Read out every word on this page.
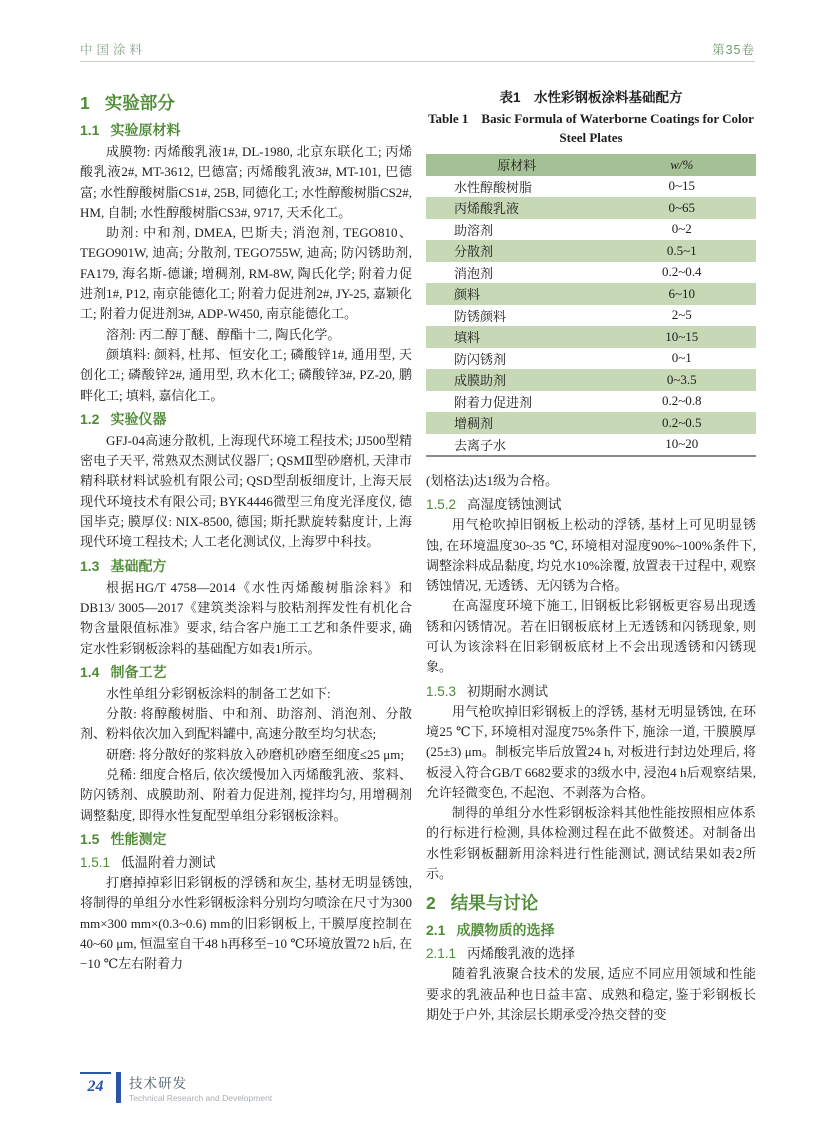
中国涂料	第35卷
1 实验部分
1.1 实验原材料

成膜物: 丙烯酸乳液1#, DL-1980, 北京东联化工; 丙烯酸乳液2#, MT-3612, 巴德富; 丙烯酸乳液3#, MT-101, 巴德富; 水性醇酸树脂CS1#, 25B, 同德化工; 水性醇酸树脂CS2#, HM, 自制; 水性醇酸树脂CS3#, 9717, 天禾化工。

助剂: 中和剂, DMEA, 巴斯夫; 消泡剂, TEGO810、TEGO901W, 迪高; 分散剂, TEGO755W, 迪高; 防闪锈助剂, FA179, 海名斯-德谦; 增稠剂, RM-8W, 陶氏化学; 附着力促进剂1#, P12, 南京能德化工; 附着力促进剂2#, JY-25, 嘉颖化工; 附着力促进剂3#, ADP-W450, 南京能德化工。

溶剂: 丙二醇丁醚、醇酯十二, 陶氏化学。

颜填料: 颜料, 杜邦、恒安化工; 磷酸锌1#, 通用型, 天创化工; 磷酸锌2#, 通用型, 玖木化工; 磷酸锌3#, PZ-20, 鹏畔化工; 填料, 嘉信化工。

1.2 实验仪器

GFJ-04高速分散机, 上海现代环境工程技术; JJ500型精密电子天平, 常熟双杰测试仪器厂; QSMⅡ型砂磨机, 天津市精科联材料试验机有限公司; QSD型刮板细度计, 上海天辰现代环境技术有限公司; BYK4446微型三角度光泽度仪, 德国毕克; 膜厚仪: NIX-8500, 德国; 斯托默旋转黏度计, 上海现代环境工程技术; 人工老化测试仪, 上海罗中科技。

1.3 基础配方

根据HG/T 4758—2014《水性丙烯酸树脂涂料》和DB13/ 3005—2017《建筑类涂料与胶粘剂挥发性有机化合物含量限值标准》要求, 结合客户施工工艺和条件要求, 确定水性彩钢板涂料的基础配方如表1所示。

1.4 制备工艺

水性单组分彩钢板涂料的制备工艺如下:

分散: 将醇酸树脂、中和剂、助溶剂、消泡剂、分散剂、粉料依次加入到配料罐中, 高速分散至均匀状态;

研磨: 将分散好的浆料放入砂磨机砂磨至细度≤25 μm;

兑稀: 细度合格后, 依次缓慢加入丙烯酸乳液、浆料、防闪锈剂、成膜助剂、附着力促进剂, 搅拌均匀, 用增稠剂调整黏度, 即得水性复配型单组分彩钢板涂料。

1.5 性能测定
1.5.1 低温附着力测试

打磨掉掉彩旧彩钢板的浮锈和灰尘, 基材无明显锈蚀, 将制得的单组分水性彩钢板涂料分别均匀喷涂在尺寸为300 mm×300 mm×(0.3~0.6) mm的旧彩钢板上, 干膜厚度控制在40~60 μm, 恒温室自干48 h再移至−10 ℃环境放置72 h后, 在−10 ℃左右附着力

表1　水性彩钢板涂料基础配方
Table 1　Basic Formula of Waterborne Coatings for Color Steel Plates
原材料	w/%
水性醇酸树脂	0~15
丙烯酸乳液	0~65
助溶剂	0~2
分散剂	0.5~1
消泡剂	0.2~0.4
颜料	6~10
防锈颜料	2~5
填料	10~15
防闪锈剂	0~1
成膜助剂	0~3.5
附着力促进剂	0.2~0.8
增稠剂	0.2~0.5
去离子水	10~20

(划格法)达1级为合格。

1.5.2 高湿度锈蚀测试

用气枪吹掉旧钢板上松动的浮锈, 基材上可见明显锈蚀, 在环境温度30~35 ℃, 环境相对湿度90%~100%条件下, 调整涂料成品黏度, 均兑水10%涂覆, 放置表干过程中, 观察锈蚀情况, 无透锈、无闪锈为合格。

在高湿度环境下施工, 旧钢板比彩钢板更容易出现透锈和闪锈情况。若在旧钢板底材上无透锈和闪锈现象, 则可认为该涂料在旧彩钢板底材上不会出现透锈和闪锈现象。

1.5.3 初期耐水测试

用气枪吹掉旧彩钢板上的浮锈, 基材无明显锈蚀, 在环境25 ℃下, 环境相对湿度75%条件下, 施涂一道, 干膜膜厚(25±3) μm。制板完毕后放置24 h, 对板进行封边处理后, 将板浸入符合GB/T 6682要求的3级水中, 浸泡4 h后观察结果, 允许轻微变色, 不起泡、不剥落为合格。

制得的单组分水性彩钢板涂料其他性能按照相应体系的行标进行检测, 具体检测过程在此不做赘述。对制备出水性彩钢板翻新用涂料进行性能测试, 测试结果如表2所示。

2 结果与讨论
2.1 成膜物质的选择
2.1.1 丙烯酸乳液的选择

随着乳液聚合技术的发展, 适应不同应用领域和性能要求的乳液品种也日益丰富、成熟和稳定, 鉴于彩钢板长期处于户外, 其涂层长期承受冷热交替的变

24 技术研发
Technical Research and Development
